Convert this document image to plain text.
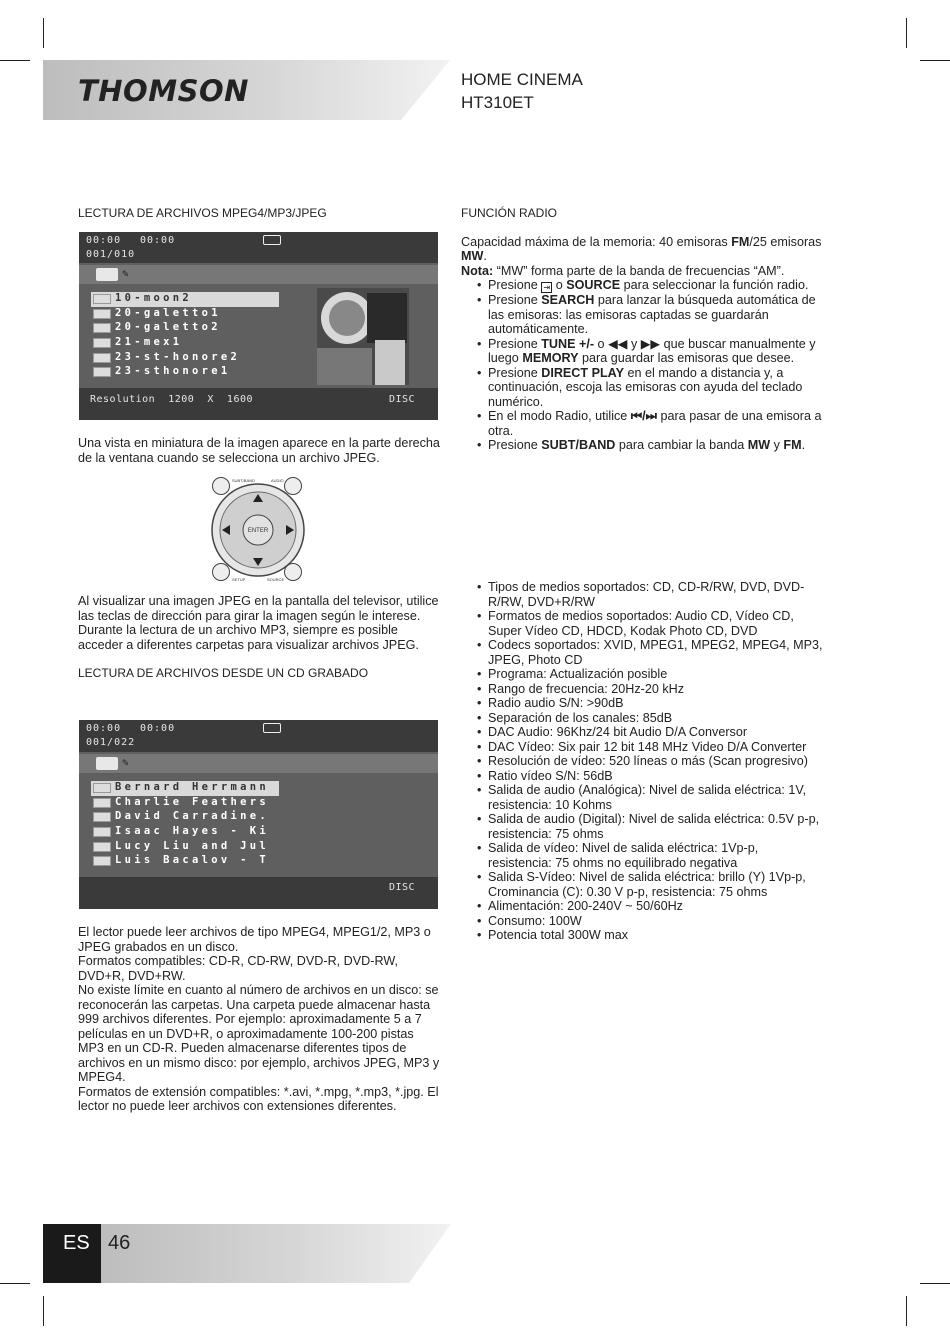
THOMSON	HOME CINEMA
HT310ET
LECTURA DE ARCHIVOS MPEG4/MP3/JPEG
00:00 00:00
001/010
✎
10-moon2
20-galetto1
20-galetto2
21-mex1
23-st-honore2
23-sthonore1
Resolution  1200  X  1600	DISC

Una vista en miniatura de la imagen aparece en la parte derecha de la ventana cuando se selecciona un archivo JPEG.

SUBT/BAND	AUDIO
SETUP	SOURCE
ENTER

Al visualizar una imagen JPEG en la pantalla del televisor, utilice las teclas de dirección para girar la imagen según le interese.

Durante la lectura de un archivo MP3, siempre es posible acceder a diferentes carpetas para visualizar archivos JPEG.

LECTURA DE ARCHIVOS DESDE UN CD GRABADO
00:00 00:00
001/022
✎
Bernard Herrmann
Charlie Feathers
David Carradine.
Isaac Hayes - Ki
Lucy Liu and Jul
Luis Bacalov - T
DISC

El lector puede leer archivos de tipo MPEG4, MPEG1/2, MP3 o JPEG grabados en un disco.

Formatos compatibles: CD-R, CD-RW, DVD-R, DVD-RW, DVD+R, DVD+RW.

No existe límite en cuanto al número de archivos en un disco: se reconocerán las carpetas. Una carpeta puede almacenar hasta 999 archivos diferentes. Por ejemplo: aproximadamente 5 a 7 películas en un DVD+R, o aproximadamente 100-200 pistas MP3 en un CD-R. Pueden almacenarse diferentes tipos de archivos en un mismo disco: por ejemplo, archivos JPEG, MP3 y MPEG4.

Formatos de extensión compatibles: *.avi, *.mpg, *.mp3, *.jpg. El lector no puede leer archivos con extensiones diferentes.

FUNCIÓN RADIO

Capacidad máxima de la memoria: 40 emisoras FM/25 emisoras MW.

Nota: “MW” forma parte de la banda de frecuencias “AM”.

• Presione ⇥ o SOURCE para seleccionar la función radio.
• Presione SEARCH para lanzar la búsqueda automática de las emisoras: las emisoras captadas se guardarán automáticamente.
• Presione TUNE +/- o ◀◀ y ▶▶ que buscar manualmente y luego MEMORY para guardar las emisoras que desee.
• Presione DIRECT PLAY en el mando a distancia y, a continuación, escoja las emisoras con ayuda del teclado numérico.
• En el modo Radio, utilice ⏮/⏭ para pasar de una emisora a otra.
• Presione SUBT/BAND para cambiar la banda MW y FM.
• Tipos de medios soportados: CD, CD-R/RW, DVD, DVD-R/RW, DVD+R/RW
• Formatos de medios soportados: Audio CD, Vídeo CD, Super Vídeo CD, HDCD, Kodak Photo CD, DVD
• Codecs soportados: XVID, MPEG1, MPEG2, MPEG4, MP3, JPEG, Photo CD
• Programa: Actualización posible
• Rango de frecuencia: 20Hz-20 kHz
• Radio audio S/N: >90dB
• Separación de los canales: 85dB
• DAC Audio: 96Khz/24 bit Audio D/A Conversor
• DAC Vídeo: Six pair 12 bit 148 MHz Video D/A Converter
• Resolución de vídeo: 520 líneas o más (Scan progresivo)
• Ratio vídeo S/N: 56dB
• Salida de audio (Analógica): Nivel de salida eléctrica: 1V, resistencia: 10 Kohms
• Salida de audio (Digital): Nivel de salida eléctrica: 0.5V p-p, resistencia: 75 ohms
• Salida de vídeo: Nivel de salida eléctrica: 1Vp-p, resistencia: 75 ohms no equilibrado negativa
• Salida S-Vídeo: Nivel de salida eléctrica: brillo (Y) 1Vp-p, Crominancia (C): 0.30 V p-p, resistencia: 75 ohms
• Alimentación: 200-240V ~ 50/60Hz
• Consumo: 100W
• Potencia total 300W max
ES 46
